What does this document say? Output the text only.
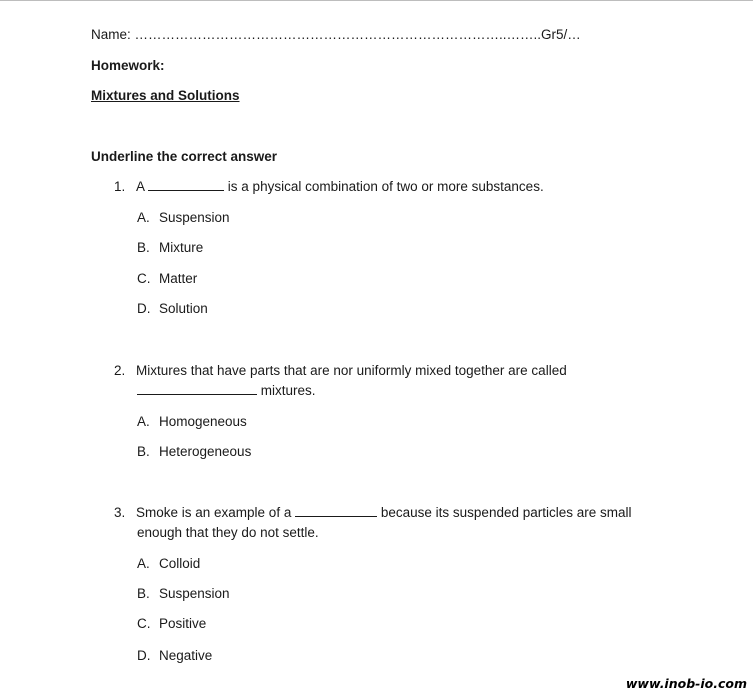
Name: ………………………………………………………………………..……..Gr5/…
Homework:
Mixtures and Solutions
Underline the correct answer
1. A	is a physical combination of two or more substances.
A. Suspension
B. Mixture
C. Matter
D. Solution
2. Mixtures that have parts that are nor uniformly mixed together are called
mixtures.
A. Homogeneous
B. Heterogeneous
3. Smoke is an example of a	because its suspended particles are small
enough that they do not settle.
A. Colloid
B. Suspension
C. Positive
D. Negative
www.inob-io.com
